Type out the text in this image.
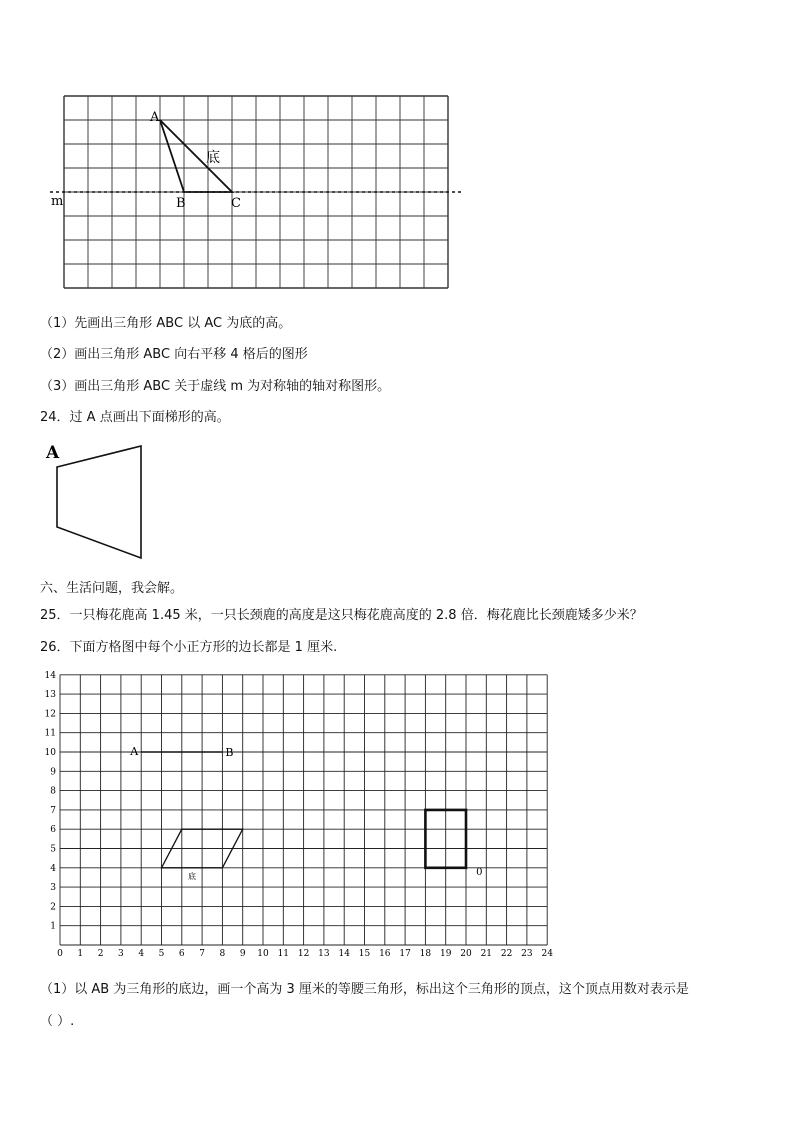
m
A
B	C
底
（1）先画出三角形 ABC 以 AC 为底的高。
（2）画出三角形 ABC 向右平移 4 格后的图形
（3）画出三角形 ABC 关于虚线 m 为对称轴的轴对称图形。
24．过 A 点画出下面梯形的高。
A
六、生活问题，我会解。
25．一只梅花鹿高 1.45 米，一只长颈鹿的高度是这只梅花鹿高度的 2.8 倍．梅花鹿比长颈鹿矮多少米？
26．下面方格图中每个小正方形的边长都是 1 厘米.
0 1 2 3 4 5 6 7 8 9 10 11 12 13 14 15 16 17 18 19 20 21 22 23 24
1
2
3
4
5
6
7
8
9
10
11
12
13
14
A	B
底	0
（1）以 AB 为三角形的底边，画一个高为 3 厘米的等腰三角形，标出这个三角形的顶点，这个顶点用数对表示是
（ ）.
